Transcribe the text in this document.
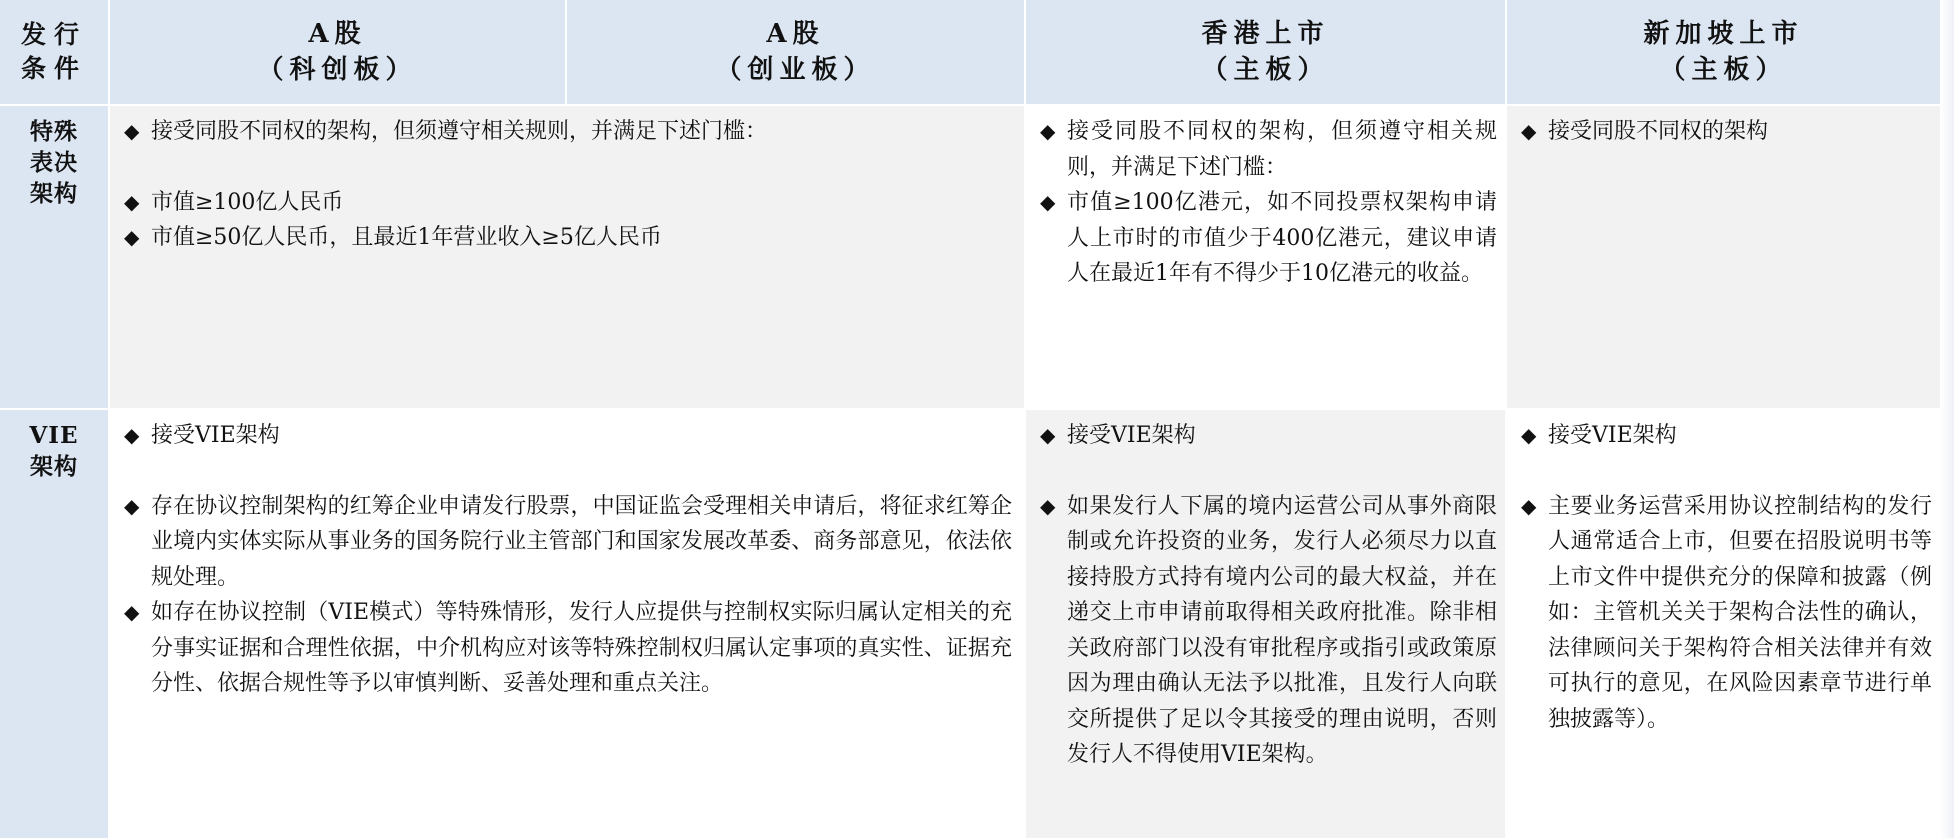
发行
条件
A股
（科创板）
A股
（创业板）
香港上市
（主板）
新加坡上市
（主板）
特殊
表决
架构
◆ 接受同股不同权的架构，但须遵守相关规则，并满足下述门槛：
◆ 市值≥100亿人民币
◆ 市值≥50亿人民币，且最近1年营业收入≥5亿人民币
◆ 接受同股不同权的架构，但须遵守相关规则，并满足下述门槛：
◆ 市值≥100亿港元，如不同投票权架构申请人上市时的市值少于400亿港元，建议申请人在最近1年有不得少于10亿港元的收益。
◆ 接受同股不同权的架构
VIE
架构
◆ 接受VIE架构
◆ 存在协议控制架构的红筹企业申请发行股票，中国证监会受理相关申请后，将征求红筹企业境内实体实际从事业务的国务院行业主管部门和国家发展改革委、商务部意见，依法依规处理。
◆ 如存在协议控制（VIE模式）等特殊情形，发行人应提供与控制权实际归属认定相关的充分事实证据和合理性依据，中介机构应对该等特殊控制权归属认定事项的真实性、证据充分性、依据合规性等予以审慎判断、妥善处理和重点关注。
◆ 接受VIE架构
◆ 如果发行人下属的境内运营公司从事外商限制或允许投资的业务，发行人必须尽力以直接持股方式持有境内公司的最大权益，并在递交上市申请前取得相关政府批准。除非相关政府部门以没有审批程序或指引或政策原因为理由确认无法予以批准，且发行人向联交所提供了足以令其接受的理由说明，否则发行人不得使用VIE架构。
◆ 接受VIE架构
◆ 主要业务运营采用协议控制结构的发行人通常适合上市，但要在招股说明书等上市文件中提供充分的保障和披露（例如：主管机关关于架构合法性的确认，法律顾问关于架构符合相关法律并有效可执行的意见，在风险因素章节进行单独披露等）。
